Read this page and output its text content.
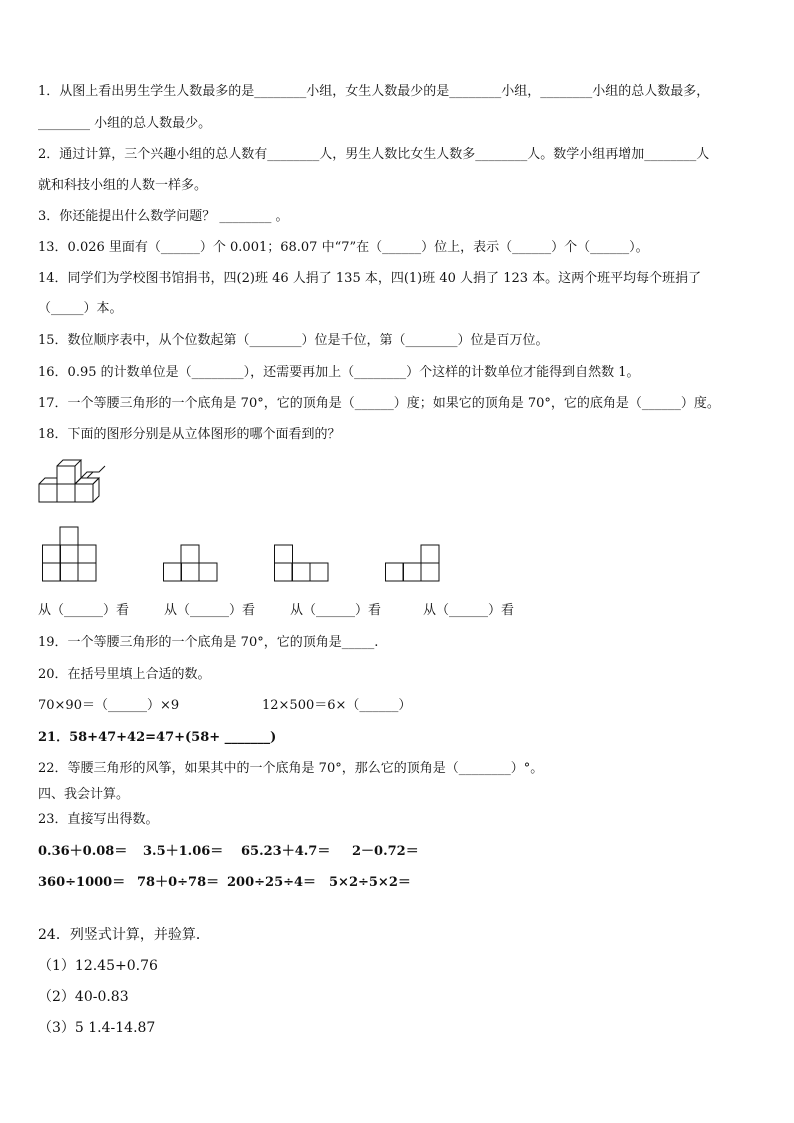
1．从图上看出男生学生人数最多的是________小组，女生人数最少的是________小组，________小组的总人数最多，
________ 小组的总人数最少。
2．通过计算，三个兴趣小组的总人数有________人，男生人数比女生人数多________人。数学小组再增加________人
就和科技小组的人数一样多。
3．你还能提出什么数学问题？ ________ 。
13．0.026 里面有（______）个 0.001；68.07 中“7”在（______）位上，表示（______）个（______）。
14．同学们为学校图书馆捐书，四(2)班 46 人捐了 135 本，四(1)班 40 人捐了 123 本。这两个班平均每个班捐了
（_____）本。
15．数位顺序表中，从个位数起第（________）位是千位，第（________）位是百万位。
16．0.95 的计数单位是（________），还需要再加上（________）个这样的计数单位才能得到自然数 1。
17．一个等腰三角形的一个底角是 70°，它的顶角是（______）度；如果它的顶角是 70°，它的底角是（______）度。
18．下面的图形分别是从立体图形的哪个面看到的？
从（______）看	从（______）看	从（______）看	从（______）看
19．一个等腰三角形的一个底角是 70°，它的顶角是_____.
20．在括号里填上合适的数。
70×90＝（______）×9	12×500＝6×（______）
21．58+47+42=47+(58+ _______)
22．等腰三角形的风筝，如果其中的一个底角是 70°，那么它的顶角是（________）°。
四、我会计算。
23．直接写出得数。
0.36＋0.08＝ 3.5＋1.06＝ 65.23＋4.7＝ 2－0.72＝
360÷1000＝ 78＋0÷78＝ 200÷25÷4＝ 5×2÷5×2＝
24．列竖式计算，并验算．
（1）12.45+0.76
（2）40-0.83
（3）5 1.4-14.87
